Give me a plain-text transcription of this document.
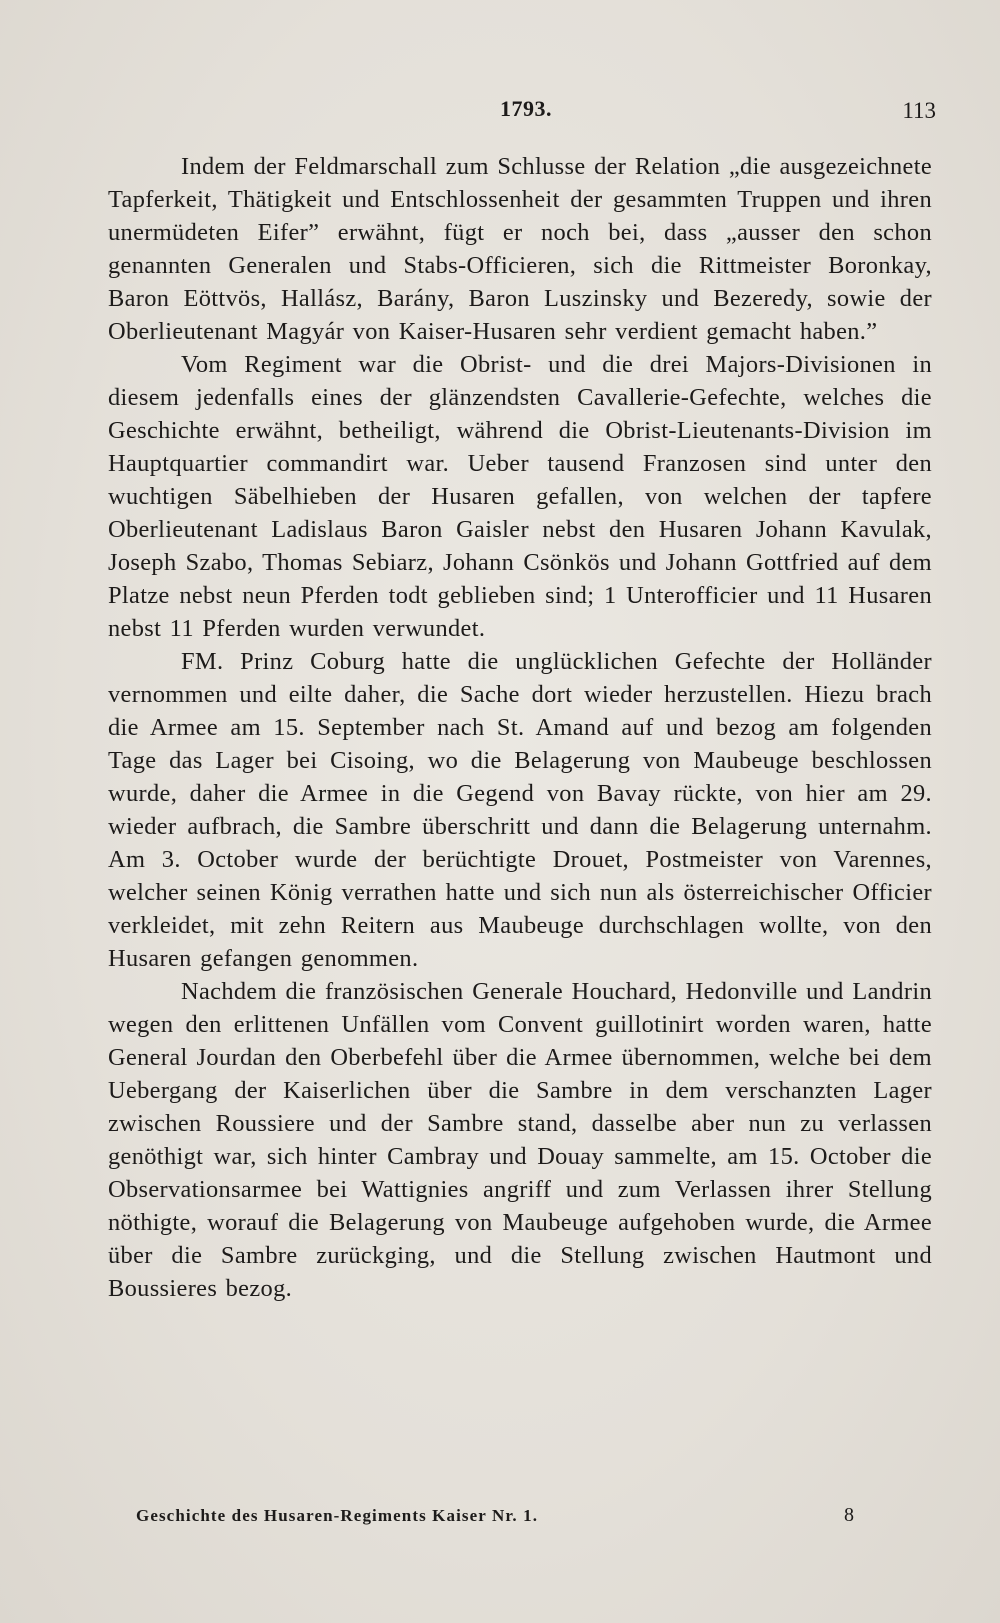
1793.	113

Indem der Feldmarschall zum Schlusse der Relation „die ausgezeichnete Tapferkeit, Thätigkeit und Entschlossenheit der gesammten Truppen und ihren unermüdeten Eifer” erwähnt, fügt er noch bei, dass „ausser den schon genannten Generalen und Stabs-Officieren, sich die Rittmeister Boronkay, Baron Eöttvös, Hallász, Barány, Baron Luszinsky und Bezeredy, sowie der Oberlieutenant Magyár von Kaiser-Husaren sehr verdient gemacht haben.”

Vom Regiment war die Obrist- und die drei Majors-Divisionen in diesem jedenfalls eines der glänzendsten Cavallerie-Gefechte, welches die Geschichte erwähnt, betheiligt, während die Obrist-Lieutenants-Division im Hauptquartier commandirt war. Ueber tausend Franzosen sind unter den wuchtigen Säbelhieben der Husaren gefallen, von welchen der tapfere Oberlieutenant Ladislaus Baron Gaisler nebst den Husaren Johann Kavulak, Joseph Szabo, Thomas Sebiarz, Johann Csönkös und Johann Gottfried auf dem Platze nebst neun Pferden todt geblieben sind; 1 Unterofficier und 11 Husaren nebst 11 Pferden wurden verwundet.

FM. Prinz Coburg hatte die unglücklichen Gefechte der Holländer vernommen und eilte daher, die Sache dort wieder herzustellen. Hiezu brach die Armee am 15. September nach St. Amand auf und bezog am folgenden Tage das Lager bei Cisoing, wo die Belagerung von Maubeuge beschlossen wurde, daher die Armee in die Gegend von Bavay rückte, von hier am 29. wieder aufbrach, die Sambre überschritt und dann die Belagerung unternahm. Am 3. October wurde der berüchtigte Drouet, Postmeister von Varennes, welcher seinen König verrathen hatte und sich nun als österreichischer Officier verkleidet, mit zehn Reitern aus Maubeuge durchschlagen wollte, von den Husaren gefangen genommen.

Nachdem die französischen Generale Houchard, Hedonville und Landrin wegen den erlittenen Unfällen vom Convent guillotinirt worden waren, hatte General Jourdan den Oberbefehl über die Armee übernommen, welche bei dem Uebergang der Kaiserlichen über die Sambre in dem verschanzten Lager zwischen Roussiere und der Sambre stand, dasselbe aber nun zu verlassen genöthigt war, sich hinter Cambray und Douay sammelte, am 15. October die Observationsarmee bei Wattignies angriff und zum Verlassen ihrer Stellung nöthigte, worauf die Belagerung von Maubeuge aufgehoben wurde, die Armee über die Sambre zurückging, und die Stellung zwischen Hautmont und Boussieres bezog.

Geschichte des Husaren-Regiments Kaiser Nr. 1.	8
